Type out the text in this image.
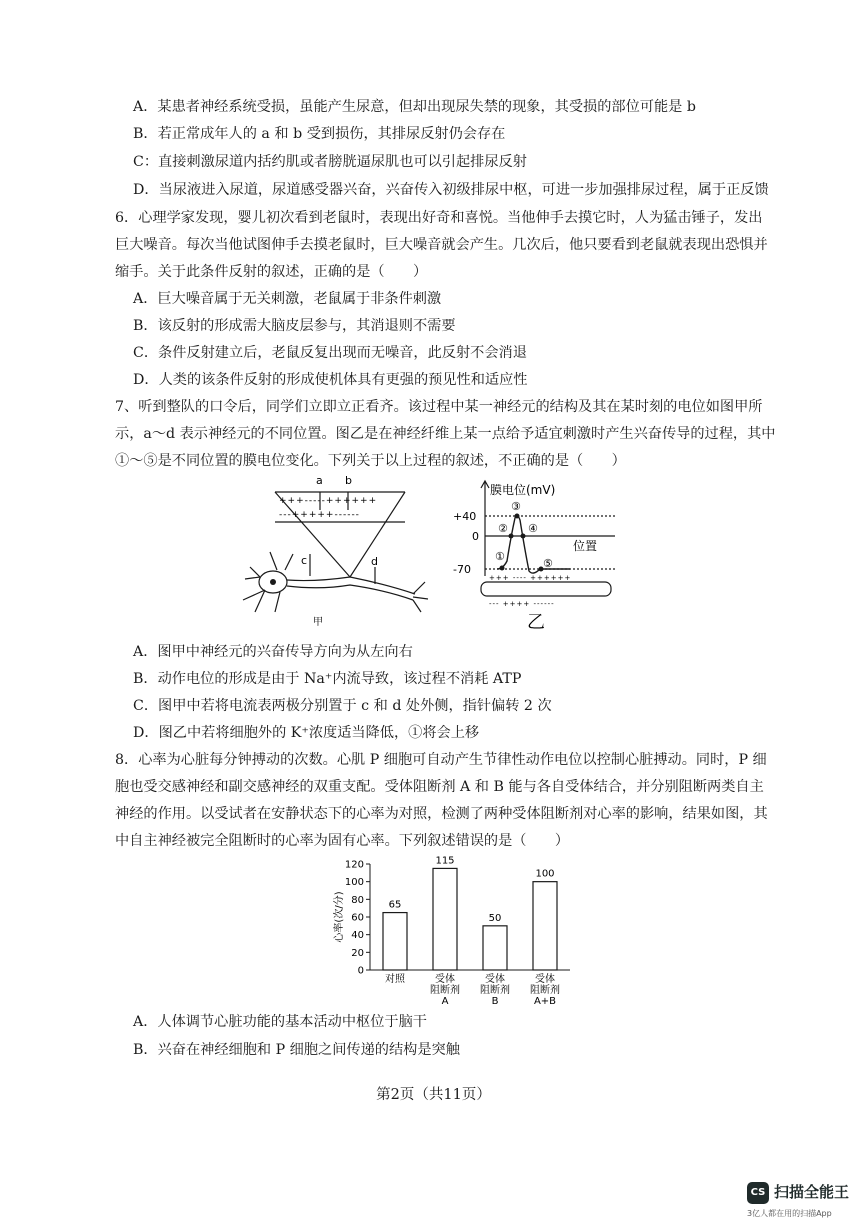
A．某患者神经系统受损，虽能产生尿意，但却出现尿失禁的现象，其受损的部位可能是 b
B．若正常成年人的 a 和 b 受到损伤，其排尿反射仍会存在
C：直接刺激尿道内括约肌或者膀胱逼尿肌也可以引起排尿反射
D．当尿液进入尿道，尿道感受器兴奋，兴奋传入初级排尿中枢，可进一步加强排尿过程，属于正反馈
6．心理学家发现，婴儿初次看到老鼠时，表现出好奇和喜悦。当他伸手去摸它时，人为猛击锤子，发出
巨大噪音。每次当他试图伸手去摸老鼠时，巨大噪音就会产生。几次后，他只要看到老鼠就表现出恐惧并
缩手。关于此条件反射的叙述，正确的是（　　）
A．巨大噪音属于无关刺激，老鼠属于非条件刺激
B．该反射的形成需大脑皮层参与，其消退则不需要
C．条件反射建立后，老鼠反复出现而无噪音，此反射不会消退
D．人类的该条件反射的形成使机体具有更强的预见性和适应性
7、听到整队的口令后，同学们立即立正看齐。该过程中某一神经元的结构及其在某时刻的电位如图甲所
示，a～d 表示神经元的不同位置。图乙是在神经纤维上某一点给予适宜刺激时产生兴奋传导的过程，其中
①～⑤是不同位置的膜电位变化。下列关于以上过程的叙述，不正确的是（　　）
+++-----++++++
---+++++------
a b
c	d
甲
膜电位(mV)
位置
+40
0
-70
①
②
③
④
⑤
+++ ---- ++++++
--- ++++ ------
乙
A．图甲中神经元的兴奋传导方向为从左向右
B．动作电位的形成是由于 Na⁺内流导致，该过程不消耗 ATP
C．图甲中若将电流表两极分别置于 c 和 d 处外侧，指针偏转 2 次
D．图乙中若将细胞外的 K⁺浓度适当降低，①将会上移
8．心率为心脏每分钟搏动的次数。心肌 P 细胞可自动产生节律性动作电位以控制心脏搏动。同时，P 细
胞也受交感神经和副交感神经的双重支配。受体阻断剂 A 和 B 能与各自受体结合，并分别阻断两类自主
神经的作用。以受试者在安静状态下的心率为对照，检测了两种受体阻断剂对心率的影响，结果如图，其
中自主神经被完全阻断时的心率为固有心率。下列叙述错误的是（　　）
0
20
40
60
80
100
120
心率(次/分)	65
对照
115
受体
阻断剂
A
50
受体
阻断剂
B
100
受体
阻断剂
A+B
A．人体调节心脏功能的基本活动中枢位于脑干
B．兴奋在神经细胞和 P 细胞之间传递的结构是突触
第2页（共11页）
CS 扫描全能王
3亿人都在用的扫描App
